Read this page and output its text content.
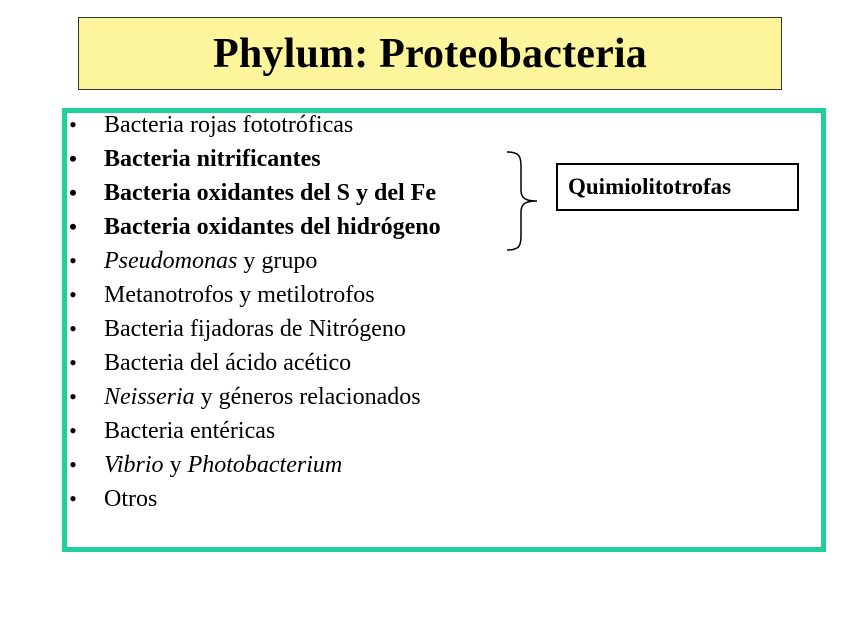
Phylum: Proteobacteria
• Bacteria rojas fototróficas
• Bacteria nitrificantes
• Bacteria oxidantes del S y del Fe
• Bacteria oxidantes del hidrógeno
• Pseudomonas y grupo
• Metanotrofos y metilotrofos
• Bacteria fijadoras de Nitrógeno
• Bacteria del ácido acético
• Neisseria y géneros relacionados
• Bacteria entéricas
• Vibrio y Photobacterium
• Otros
Quimiolitotrofas
